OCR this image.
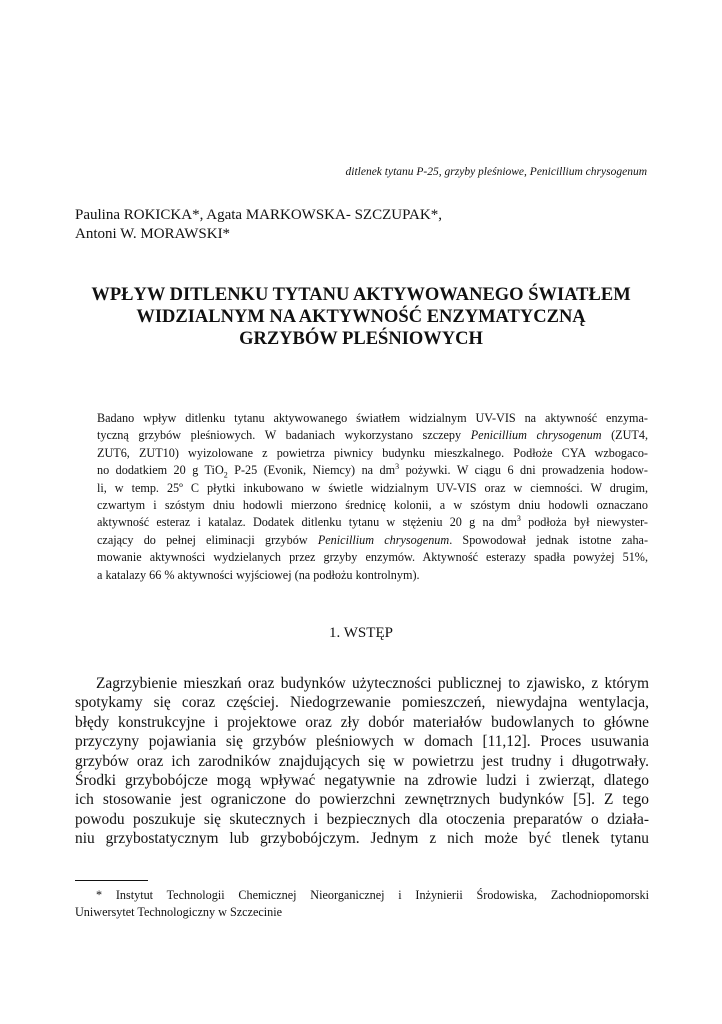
ditlenek tytanu P-25, grzyby pleśniowe, Penicillium chrysogenum
Paulina ROKICKA*, Agata MARKOWSKA- SZCZUPAK*,
Antoni W. MORAWSKI*
WPŁYW DITLENKU TYTANU AKTYWOWANEGO ŚWIATŁEM
WIDZIALNYM NA AKTYWNOŚĆ ENZYMATYCZNĄ
GRZYBÓW PLEŚNIOWYCH
Badano wpływ ditlenku tytanu aktywowanego światłem widzialnym UV-VIS na aktywność enzyma-
tyczną grzybów pleśniowych. W badaniach wykorzystano szczepy Penicillium chrysogenum (ZUT4,
ZUT6, ZUT10) wyizolowane z powietrza piwnicy budynku mieszkalnego. Podłoże CYA wzbogaco-
no dodatkiem 20 g TiO$_2$ P-25 (Evonik, Niemcy) na $dm^3$ pożywki. W ciągu 6 dni prowadzenia hodow-
li, w temp. 25º C płytki inkubowano w świetle widzialnym UV-VIS oraz w ciemności. W drugim,
czwartym i szóstym dniu hodowli mierzono średnicę kolonii, a w szóstym dniu hodowli oznaczano
aktywność esteraz i katalaz. Dodatek ditlenku tytanu w stężeniu 20 g na $dm^3$ podłoża był niewyster-
czający do pełnej eliminacji grzybów Penicillium chrysogenum. Spowodował jednak istotne zaha-
mowanie aktywności wydzielanych przez grzyby enzymów. Aktywność esterazy spadła powyżej 51%,
a katalazy 66 % aktywności wyjściowej (na podłożu kontrolnym).
1. WSTĘP
Zagrzybienie mieszkań oraz budynków użyteczności publicznej to zjawisko, z którym
spotykamy się coraz częściej. Niedogrzewanie pomieszczeń, niewydajna wentylacja,
błędy konstrukcyjne i projektowe oraz zły dobór materiałów budowlanych to główne
przyczyny pojawiania się grzybów pleśniowych w domach [11,12]. Proces usuwania
grzybów oraz ich zarodników znajdujących się w powietrzu jest trudny i długotrwały.
Środki grzybobójcze mogą wpływać negatywnie na zdrowie ludzi i zwierząt, dlatego
ich stosowanie jest ograniczone do powierzchni zewnętrznych budynków [5]. Z tego
powodu poszukuje się skutecznych i bezpiecznych dla otoczenia preparatów o działa-
niu grzybostatycznym lub grzybobójczym. Jednym z nich może być tlenek tytanu
* Instytut Technologii Chemicznej Nieorganicznej i Inżynierii Środowiska, Zachodniopomorski
Uniwersytet Technologiczny w Szczecinie
